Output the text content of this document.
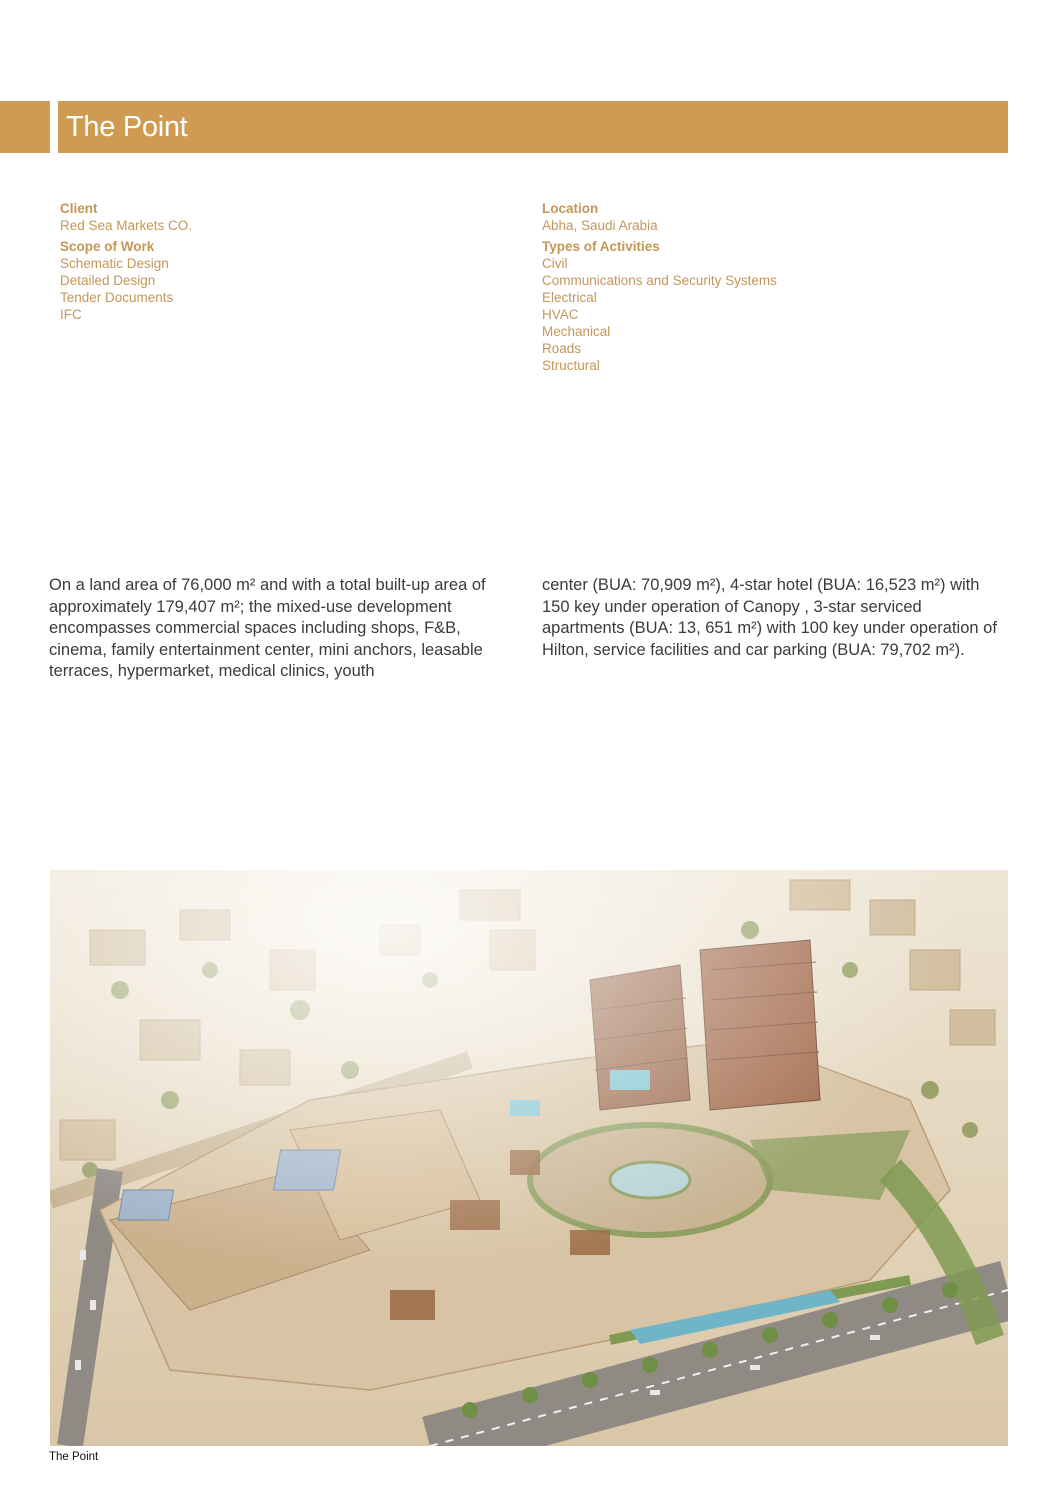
The Point
Client
Red Sea Markets CO.
Scope of Work
Schematic Design
Detailed Design
Tender Documents
IFC
Location
Abha, Saudi Arabia
Types of Activities
Civil
Communications and Security Systems
Electrical
HVAC
Mechanical
Roads
Structural
On a land area of 76,000 m² and with a total built-up area of approximately 179,407 m²; the mixed-use development encompasses commercial spaces including shops, F&B, cinema, family entertainment center, mini anchors, leasable terraces, hypermarket, medical clinics, youth
center (BUA: 70,909 m²), 4-star hotel (BUA: 16,523 m²) with 150 key under operation of Canopy , 3-star serviced apartments (BUA: 13, 651 m²) with 100 key under operation of Hilton, service facilities and car parking (BUA: 79,702 m²).
The Point
